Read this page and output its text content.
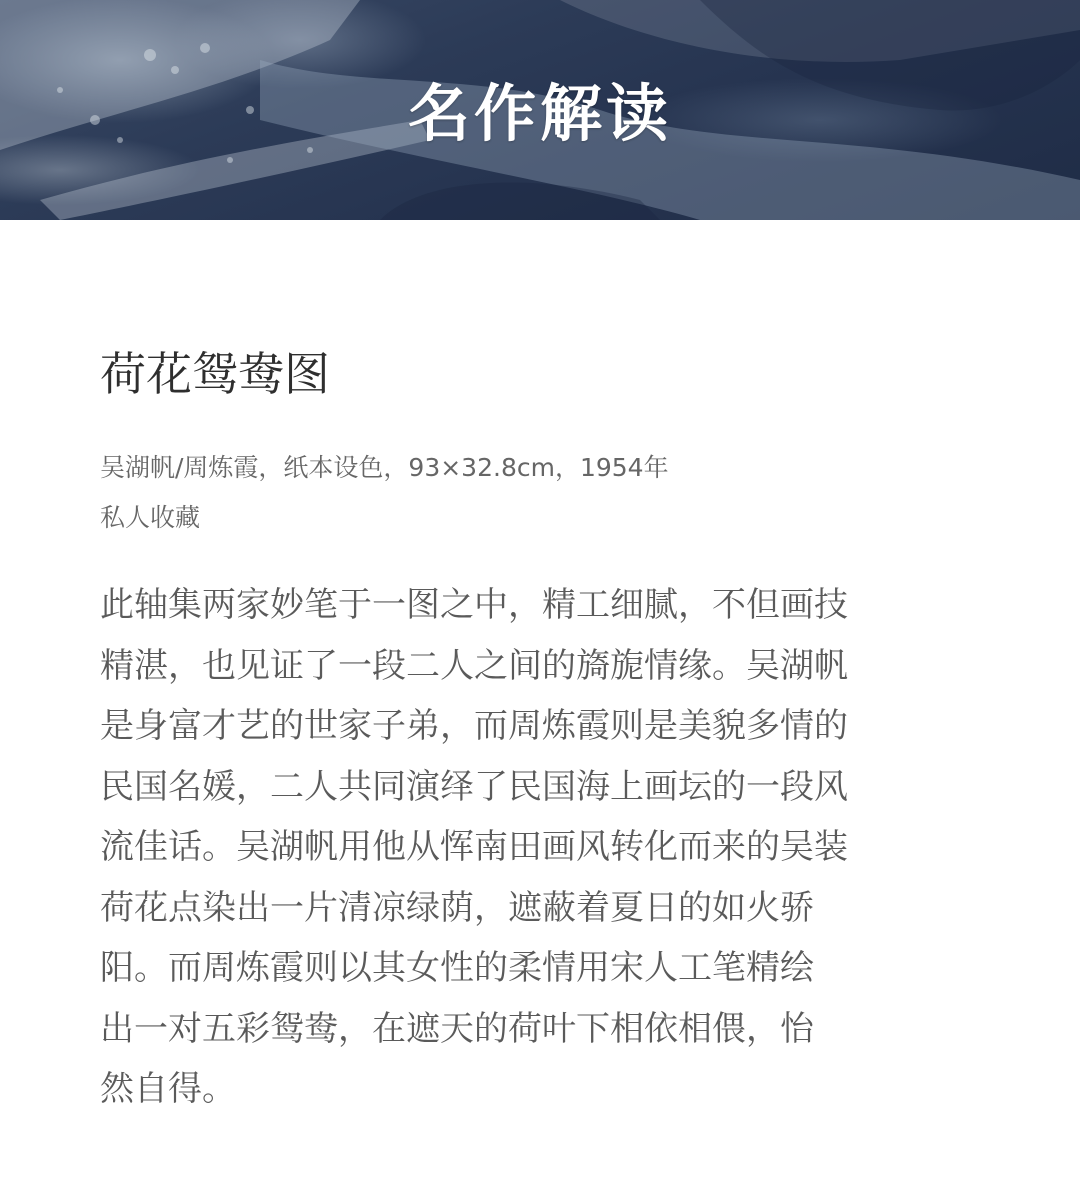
名作解读
荷花鸳鸯图
吴湖帆/周炼霞，纸本设色，93×32.8cm，1954年
私人收藏
此轴集两家妙笔于一图之中，精工细腻，不但画技
精湛，也见证了一段二人之间的旖旎情缘。吴湖帆
是身富才艺的世家子弟，而周炼霞则是美貌多情的
民国名媛，二人共同演绎了民国海上画坛的一段风
流佳话。吴湖帆用他从恽南田画风转化而来的吴装
荷花点染出一片清凉绿荫，遮蔽着夏日的如火骄
阳。而周炼霞则以其女性的柔情用宋人工笔精绘
出一对五彩鸳鸯，在遮天的荷叶下相依相偎，怡
然自得。
